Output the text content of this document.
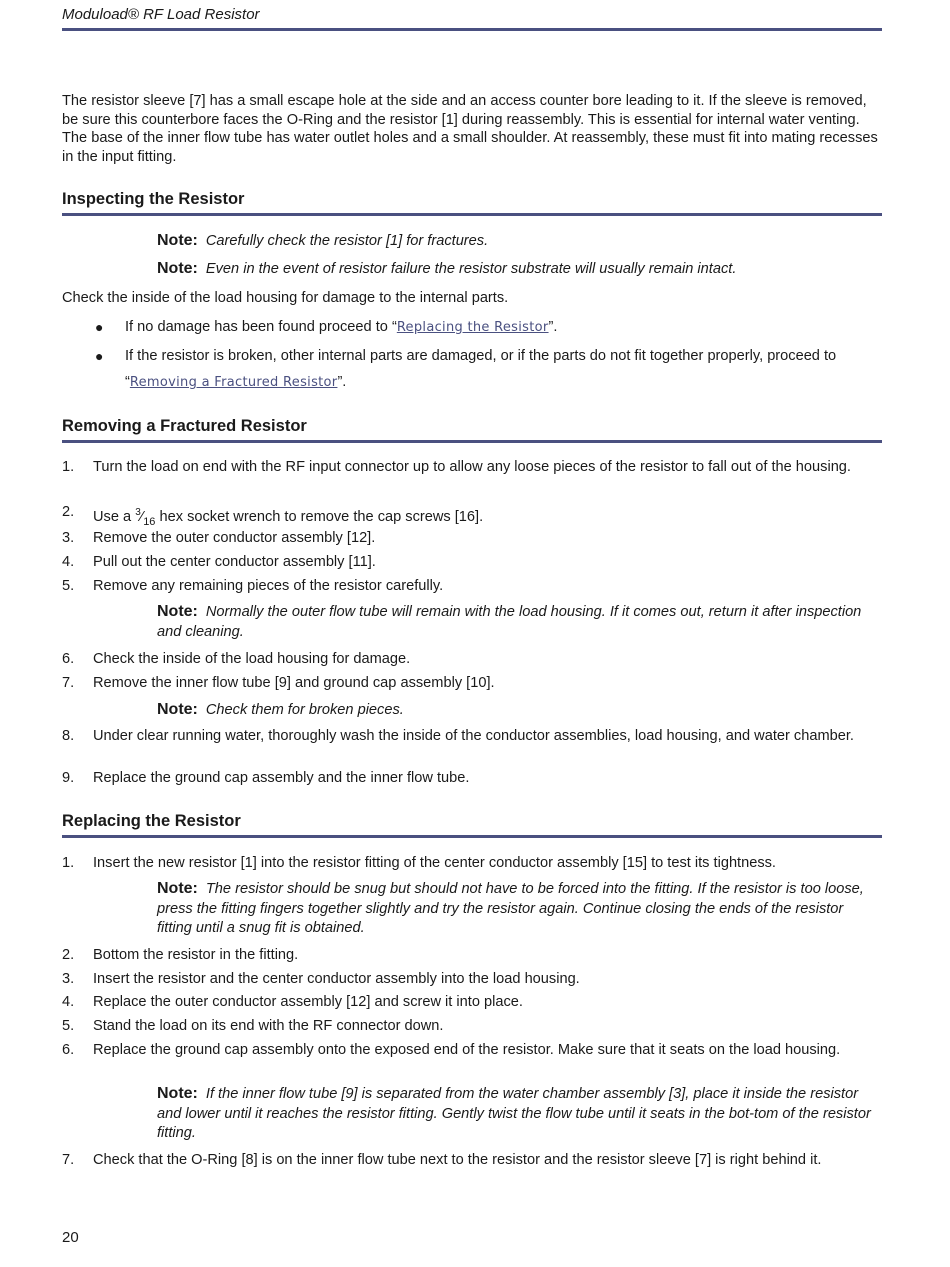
Moduload® RF Load Resistor

The resistor sleeve [7] has a small escape hole at the side and an access counter bore leading to it. If the sleeve is removed, be sure this counterbore faces the O-Ring and the resistor [1] during reassembly. This is essential for internal water venting. The base of the inner flow tube has water outlet holes and a small shoulder. At reassembly, these must fit into mating recesses in the input fitting.

Inspecting the Resistor
Note: Carefully check the resistor [1] for fractures.
Note: Even in the event of resistor failure the resistor substrate will usually remain intact.

Check the inside of the load housing for damage to the internal parts.

● If no damage has been found proceed to “Replacing the Resistor”.
● If the resistor is broken, other internal parts are damaged, or if the parts do not fit together properly, proceed to “Removing a Fractured Resistor”.
Removing a Fractured Resistor
1. Turn the load on end with the RF input connector up to allow any loose pieces of the resistor to fall out of the housing.
2. Use a $^3⁄_{16}$ hex socket wrench to remove the cap screws [16].
3. Remove the outer conductor assembly [12].
4. Pull out the center conductor assembly [11].
5. Remove any remaining pieces of the resistor carefully.
Note: Normally the outer flow tube will remain with the load housing. If it comes out, return it after inspection and cleaning.
6. Check the inside of the load housing for damage.
7. Remove the inner flow tube [9] and ground cap assembly [10].
Note: Check them for broken pieces.
8. Under clear running water, thoroughly wash the inside of the conductor assemblies, load housing, and water chamber.
9. Replace the ground cap assembly and the inner flow tube.
Replacing the Resistor
1. Insert the new resistor [1] into the resistor fitting of the center conductor assembly [15] to test its tightness.
Note: The resistor should be snug but should not have to be forced into the fitting. If the resistor is too loose, press the fitting fingers together slightly and try the resistor again. Continue closing the ends of the resistor fitting until a snug fit is obtained.
2. Bottom the resistor in the fitting.
3. Insert the resistor and the center conductor assembly into the load housing.
4. Replace the outer conductor assembly [12] and screw it into place.
5. Stand the load on its end with the RF connector down.
6. Replace the ground cap assembly onto the exposed end of the resistor. Make sure that it seats on the load housing.
Note: If the inner flow tube [9] is separated from the water chamber assembly [3], place it inside the resistor and lower until it reaches the resistor fitting. Gently twist the flow tube until it seats in the bot-tom of the resistor fitting.
7. Check that the O-Ring [8] is on the inner flow tube next to the resistor and the resistor sleeve [7] is right behind it.
20
